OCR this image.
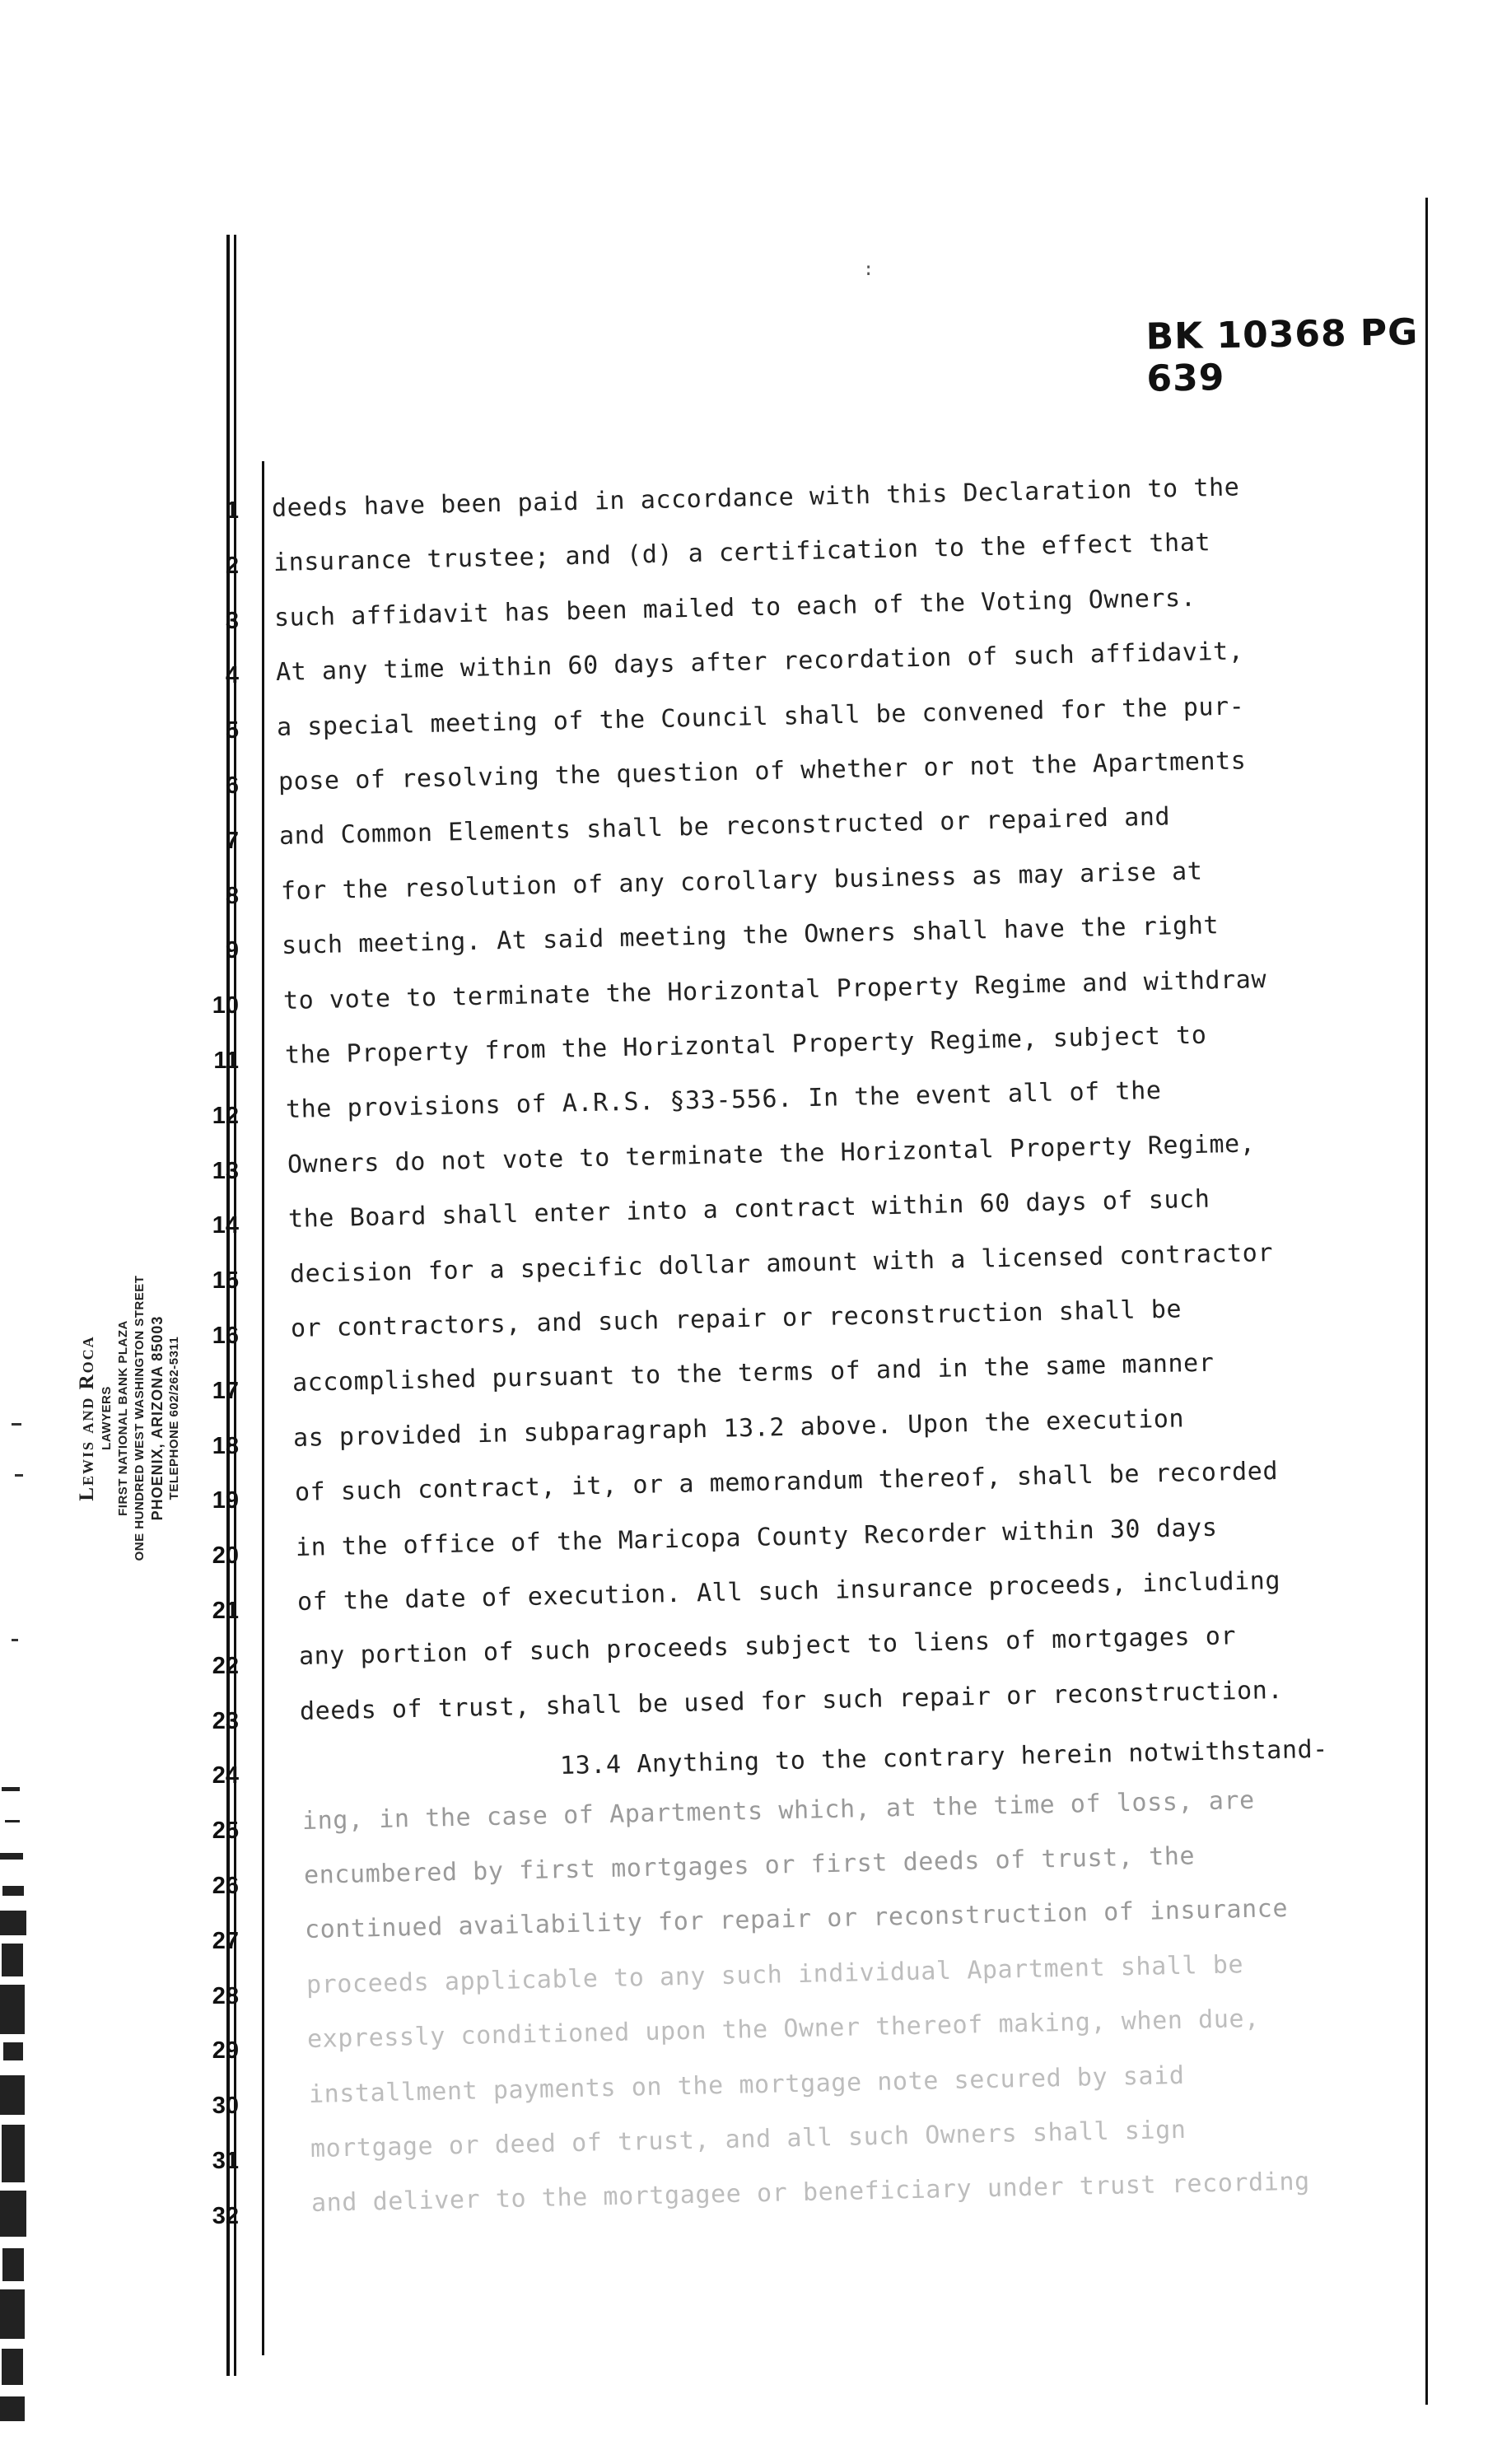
BK 10368 PG 639
:
Lewis and Roca LAWYERS FIRST NATIONAL BANK PLAZA ONE HUNDRED WEST WASHINGTON STREET PHOENIX, ARIZONA 85003 TELEPHONE 602/262-5311
1 deeds have been paid in accordance with this Declaration to the
2 insurance trustee; and (d) a certification to the effect that
3 such affidavit has been mailed to each of the Voting Owners.
4 At any time within 60 days after recordation of such affidavit,
5 a special meeting of the Council shall be convened for the pur-
6 pose of resolving the question of whether or not the Apartments
7 and Common Elements shall be reconstructed or repaired and
8 for the resolution of any corollary business as may arise at
9 such meeting. At said meeting the Owners shall have the right
10 to vote to terminate the Horizontal Property Regime and withdraw
11 the Property from the Horizontal Property Regime, subject to
12 the provisions of A.R.S. §33-556. In the event all of the
13 Owners do not vote to terminate the Horizontal Property Regime,
14 the Board shall enter into a contract within 60 days of such
15 decision for a specific dollar amount with a licensed contractor
16 or contractors, and such repair or reconstruction shall be
17 accomplished pursuant to the terms of and in the same manner
18 as provided in subparagraph 13.2 above. Upon the execution
19 of such contract, it, or a memorandum thereof, shall be recorded
20 in the office of the Maricopa County Recorder within 30 days
21 of the date of execution. All such insurance proceeds, including
22 any portion of such proceeds subject to liens of mortgages or
23 deeds of trust, shall be used for such repair or reconstruction.
24	13.4 Anything to the contrary herein notwithstand-
25	ing, in the case of Apartments which, at the time of loss, are
26	encumbered by first mortgages or first deeds of trust, the
27	continued availability for repair or reconstruction of insurance
28	proceeds applicable to any such individual Apartment shall be
29	expressly conditioned upon the Owner thereof making, when due,
30	installment payments on the mortgage note secured by said
31	mortgage or deed of trust, and all such Owners shall sign
32	and deliver to the mortgagee or beneficiary under trust recording
